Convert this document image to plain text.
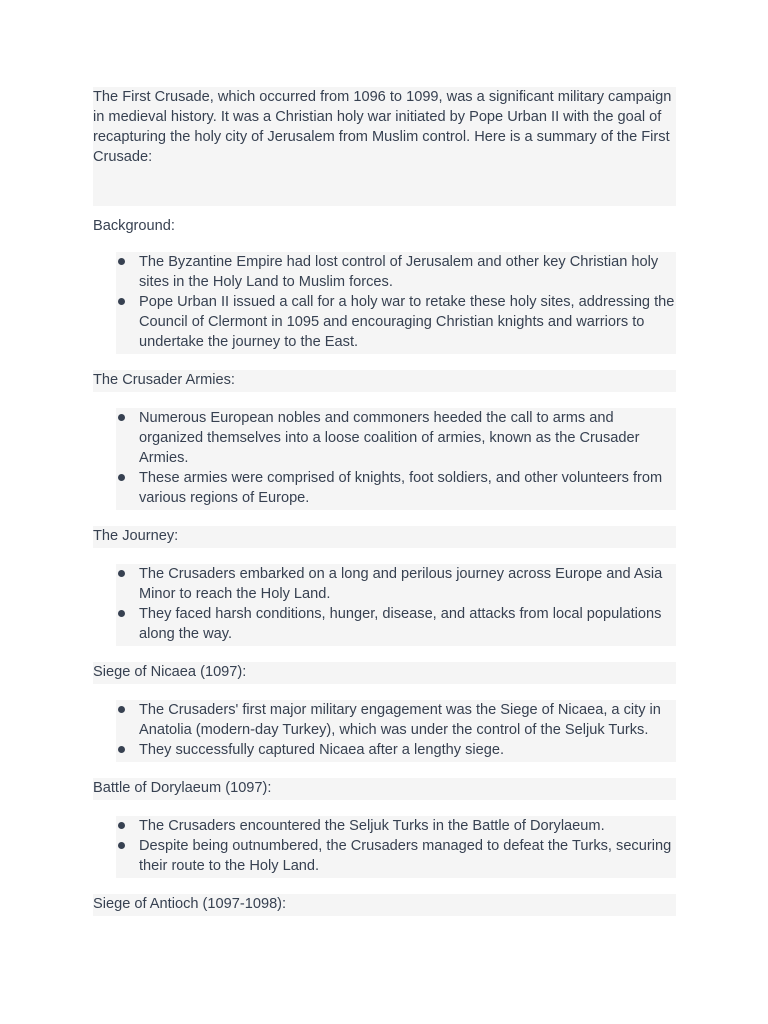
The First Crusade, which occurred from 1096 to 1099, was a significant military campaign in medieval history. It was a Christian holy war initiated by Pope Urban II with the goal of recapturing the holy city of Jerusalem from Muslim control. Here is a summary of the First Crusade:

Background:
The Byzantine Empire had lost control of Jerusalem and other key Christian holy sites in the Holy Land to Muslim forces.
Pope Urban II issued a call for a holy war to retake these holy sites, addressing the Council of Clermont in 1095 and encouraging Christian knights and warriors to undertake the journey to the East.
The Crusader Armies:
Numerous European nobles and commoners heeded the call to arms and organized themselves into a loose coalition of armies, known as the Crusader Armies.
These armies were comprised of knights, foot soldiers, and other volunteers from various regions of Europe.
The Journey:
The Crusaders embarked on a long and perilous journey across Europe and Asia Minor to reach the Holy Land.
They faced harsh conditions, hunger, disease, and attacks from local populations along the way.
Siege of Nicaea (1097):
The Crusaders' first major military engagement was the Siege of Nicaea, a city in Anatolia (modern-day Turkey), which was under the control of the Seljuk Turks.
They successfully captured Nicaea after a lengthy siege.
Battle of Dorylaeum (1097):
The Crusaders encountered the Seljuk Turks in the Battle of Dorylaeum.
Despite being outnumbered, the Crusaders managed to defeat the Turks, securing their route to the Holy Land.
Siege of Antioch (1097-1098):
